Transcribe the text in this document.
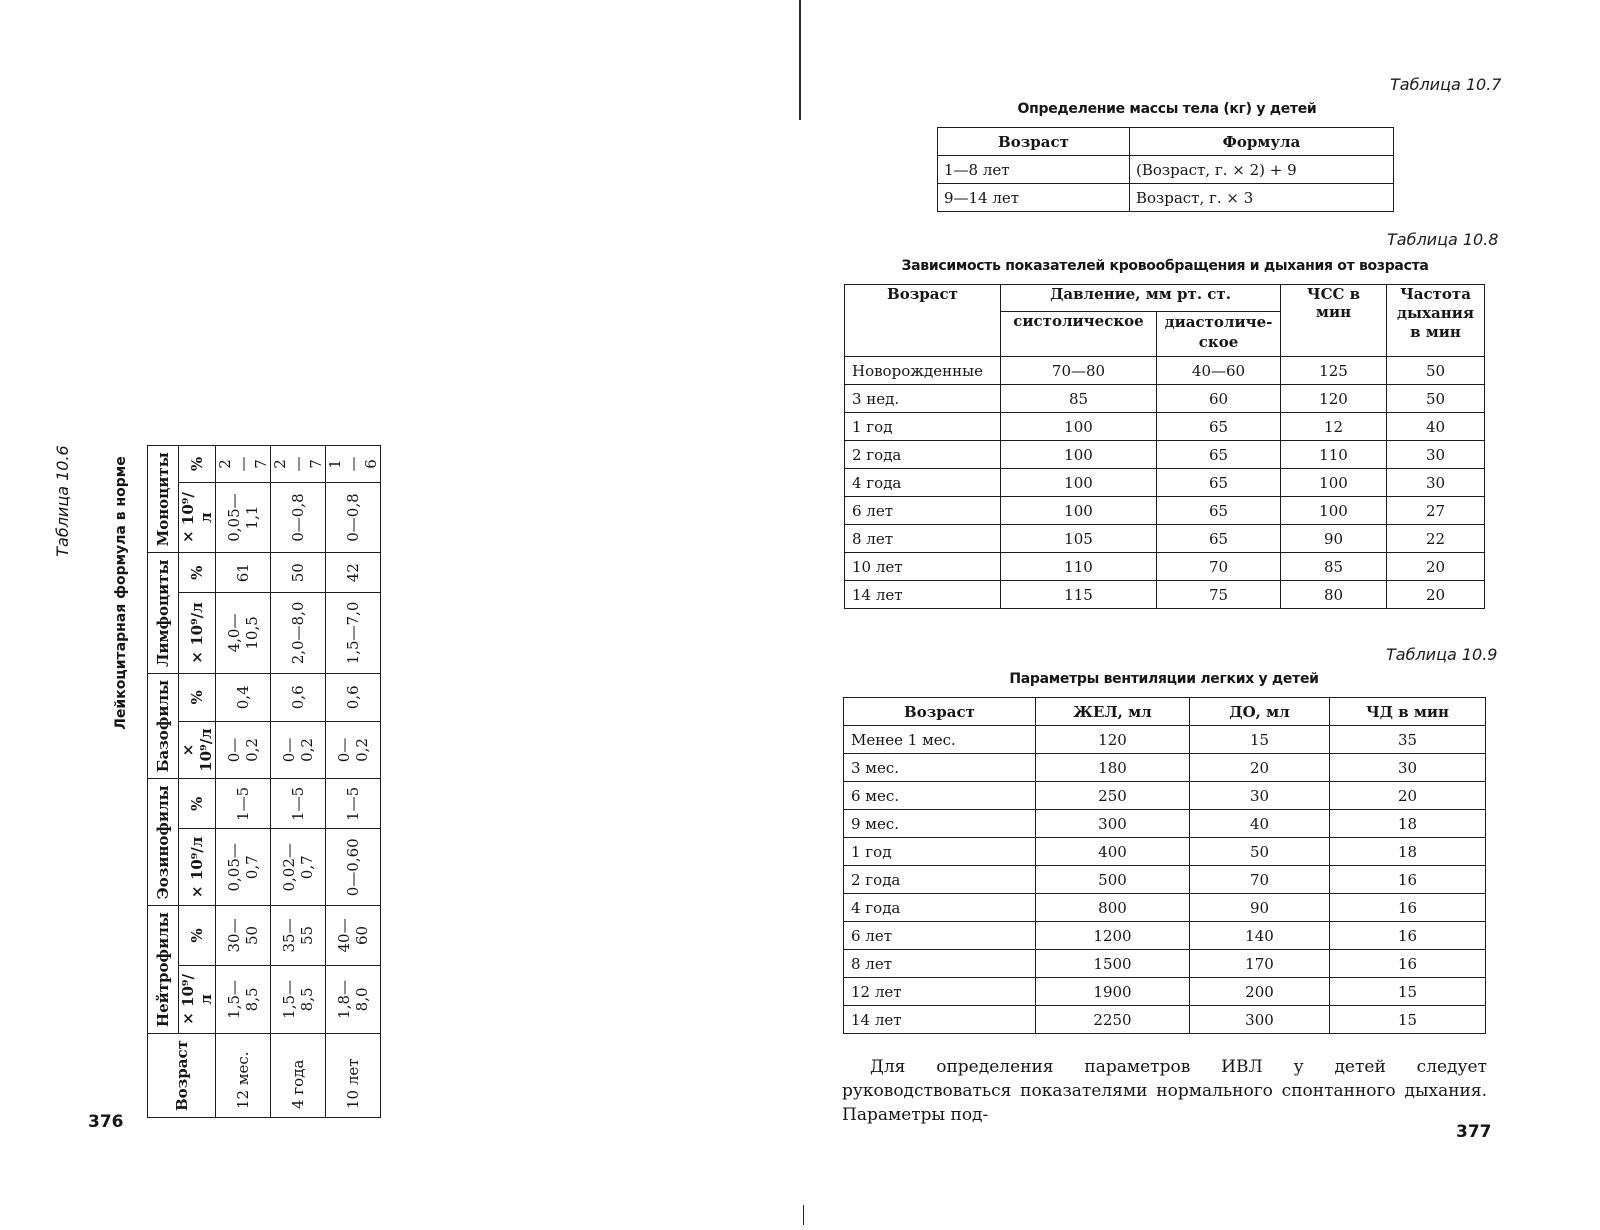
Таблица 10.6	Лейкоцитарная формула в норме
Возраст	Нейтрофилы		Эозинофилы		Базофилы		Лимфоциты		Моноциты	
	× 10⁹/л	%	× 10⁹/л	%	× 10⁹/л	%	× 10⁹/л	%	× 10⁹/л	%
12 мес.	1,5—8,5	30—50	0,05—0,7	1—5	0—0,2	0,4	4,0—10,5	61	0,05—1,1	2—7
4 года	1,5—8,5	35—55	0,02—0,7	1—5	0—0,2	0,6	2,0—8,0	50	0—0,8	2—7
10 лет	1,8—8,0	40—60	0—0,60	1—5	0—0,2	0,6	1,5—7,0	42	0—0,8	1—6
376
Таблица 10.7
Определение массы тела (кг) у детей
Возраст	Формула
1—8 лет	(Возраст, г. × 2) + 9
9—14 лет	Возраст, г. × 3
Таблица 10.8
Зависимость показателей кровообращения и дыхания от возраста
Возраст	Давление, мм рт. ст.		ЧСС в мин	Частота
дыхания
в мин
	систолическое	диастоличе-
ское		
Новорожденные	70—80	40—60	125	50
3 нед.	85	60	120	50
1 год	100	65	12	40
2 года	100	65	110	30
4 года	100	65	100	30
6 лет	100	65	100	27
8 лет	105	65	90	22
10 лет	110	70	85	20
14 лет	115	75	80	20
Таблица 10.9
Параметры вентиляции легких у детей
Возраст	ЖЕЛ, мл	ДО, мл	ЧД в мин
Менее 1 мес.	120	15	35
3 мес.	180	20	30
6 мес.	250	30	20
9 мес.	300	40	18
1 год	400	50	18
2 года	500	70	16
4 года	800	90	16
6 лет	1200	140	16
8 лет	1500	170	16
12 лет	1900	200	15
14 лет	2250	300	15
Для определения параметров ИВЛ у детей следует руководствоваться показателями нормального спонтанного дыхания. Параметры под-
377
